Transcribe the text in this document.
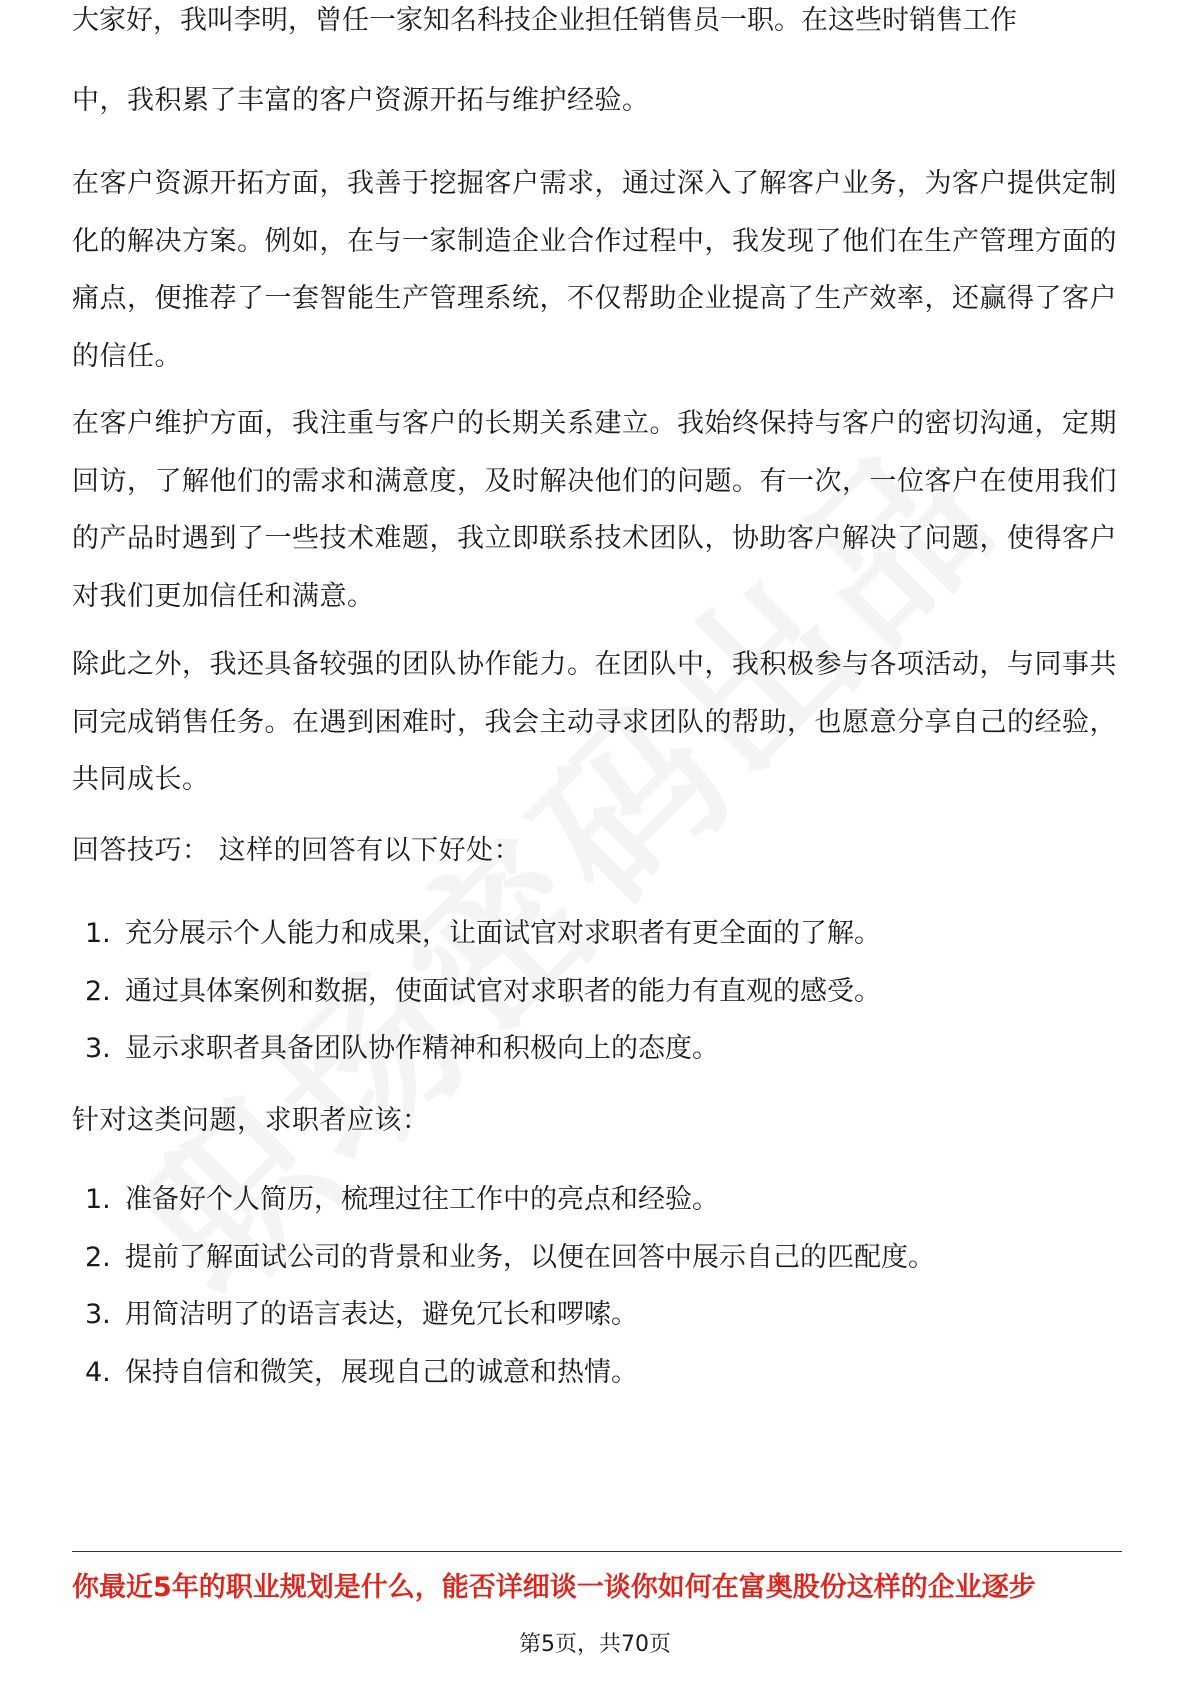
大家好，我叫李明，曾任一家知名科技企业担任销售员一职。在这些时销售工作

中，我积累了丰富的客户资源开拓与维护经验。

在客户资源开拓方面，我善于挖掘客户需求，通过深入了解客户业务，为客户提供定制化的解决方案。例如，在与一家制造企业合作过程中，我发现了他们在生产管理方面的痛点，便推荐了一套智能生产管理系统，不仅帮助企业提高了生产效率，还赢得了客户的信任。

在客户维护方面，我注重与客户的长期关系建立。我始终保持与客户的密切沟通，定期回访，了解他们的需求和满意度，及时解决他们的问题。有一次，一位客户在使用我们的产品时遇到了一些技术难题，我立即联系技术团队，协助客户解决了问题，使得客户对我们更加信任和满意。

除此之外，我还具备较强的团队协作能力。在团队中，我积极参与各项活动，与同事共同完成销售任务。在遇到困难时，我会主动寻求团队的帮助，也愿意分享自己的经验，共同成长。

回答技巧： 这样的回答有以下好处：

1. 充分展示个人能力和成果，让面试官对求职者有更全面的了解。
2. 通过具体案例和数据，使面试官对求职者的能力有直观的感受。
3. 显示求职者具备团队协作精神和积极向上的态度。

针对这类问题，求职者应该：

1. 准备好个人简历，梳理过往工作中的亮点和经验。
2. 提前了解面试公司的背景和业务，以便在回答中展示自己的匹配度。
3. 用简洁明了的语言表达，避免冗长和啰嗦。
4. 保持自信和微笑，展现自己的诚意和热情。
你最近5年的职业规划是什么，能否详细谈一谈你如何在富奥股份这样的企业逐步
第5页，共70页
